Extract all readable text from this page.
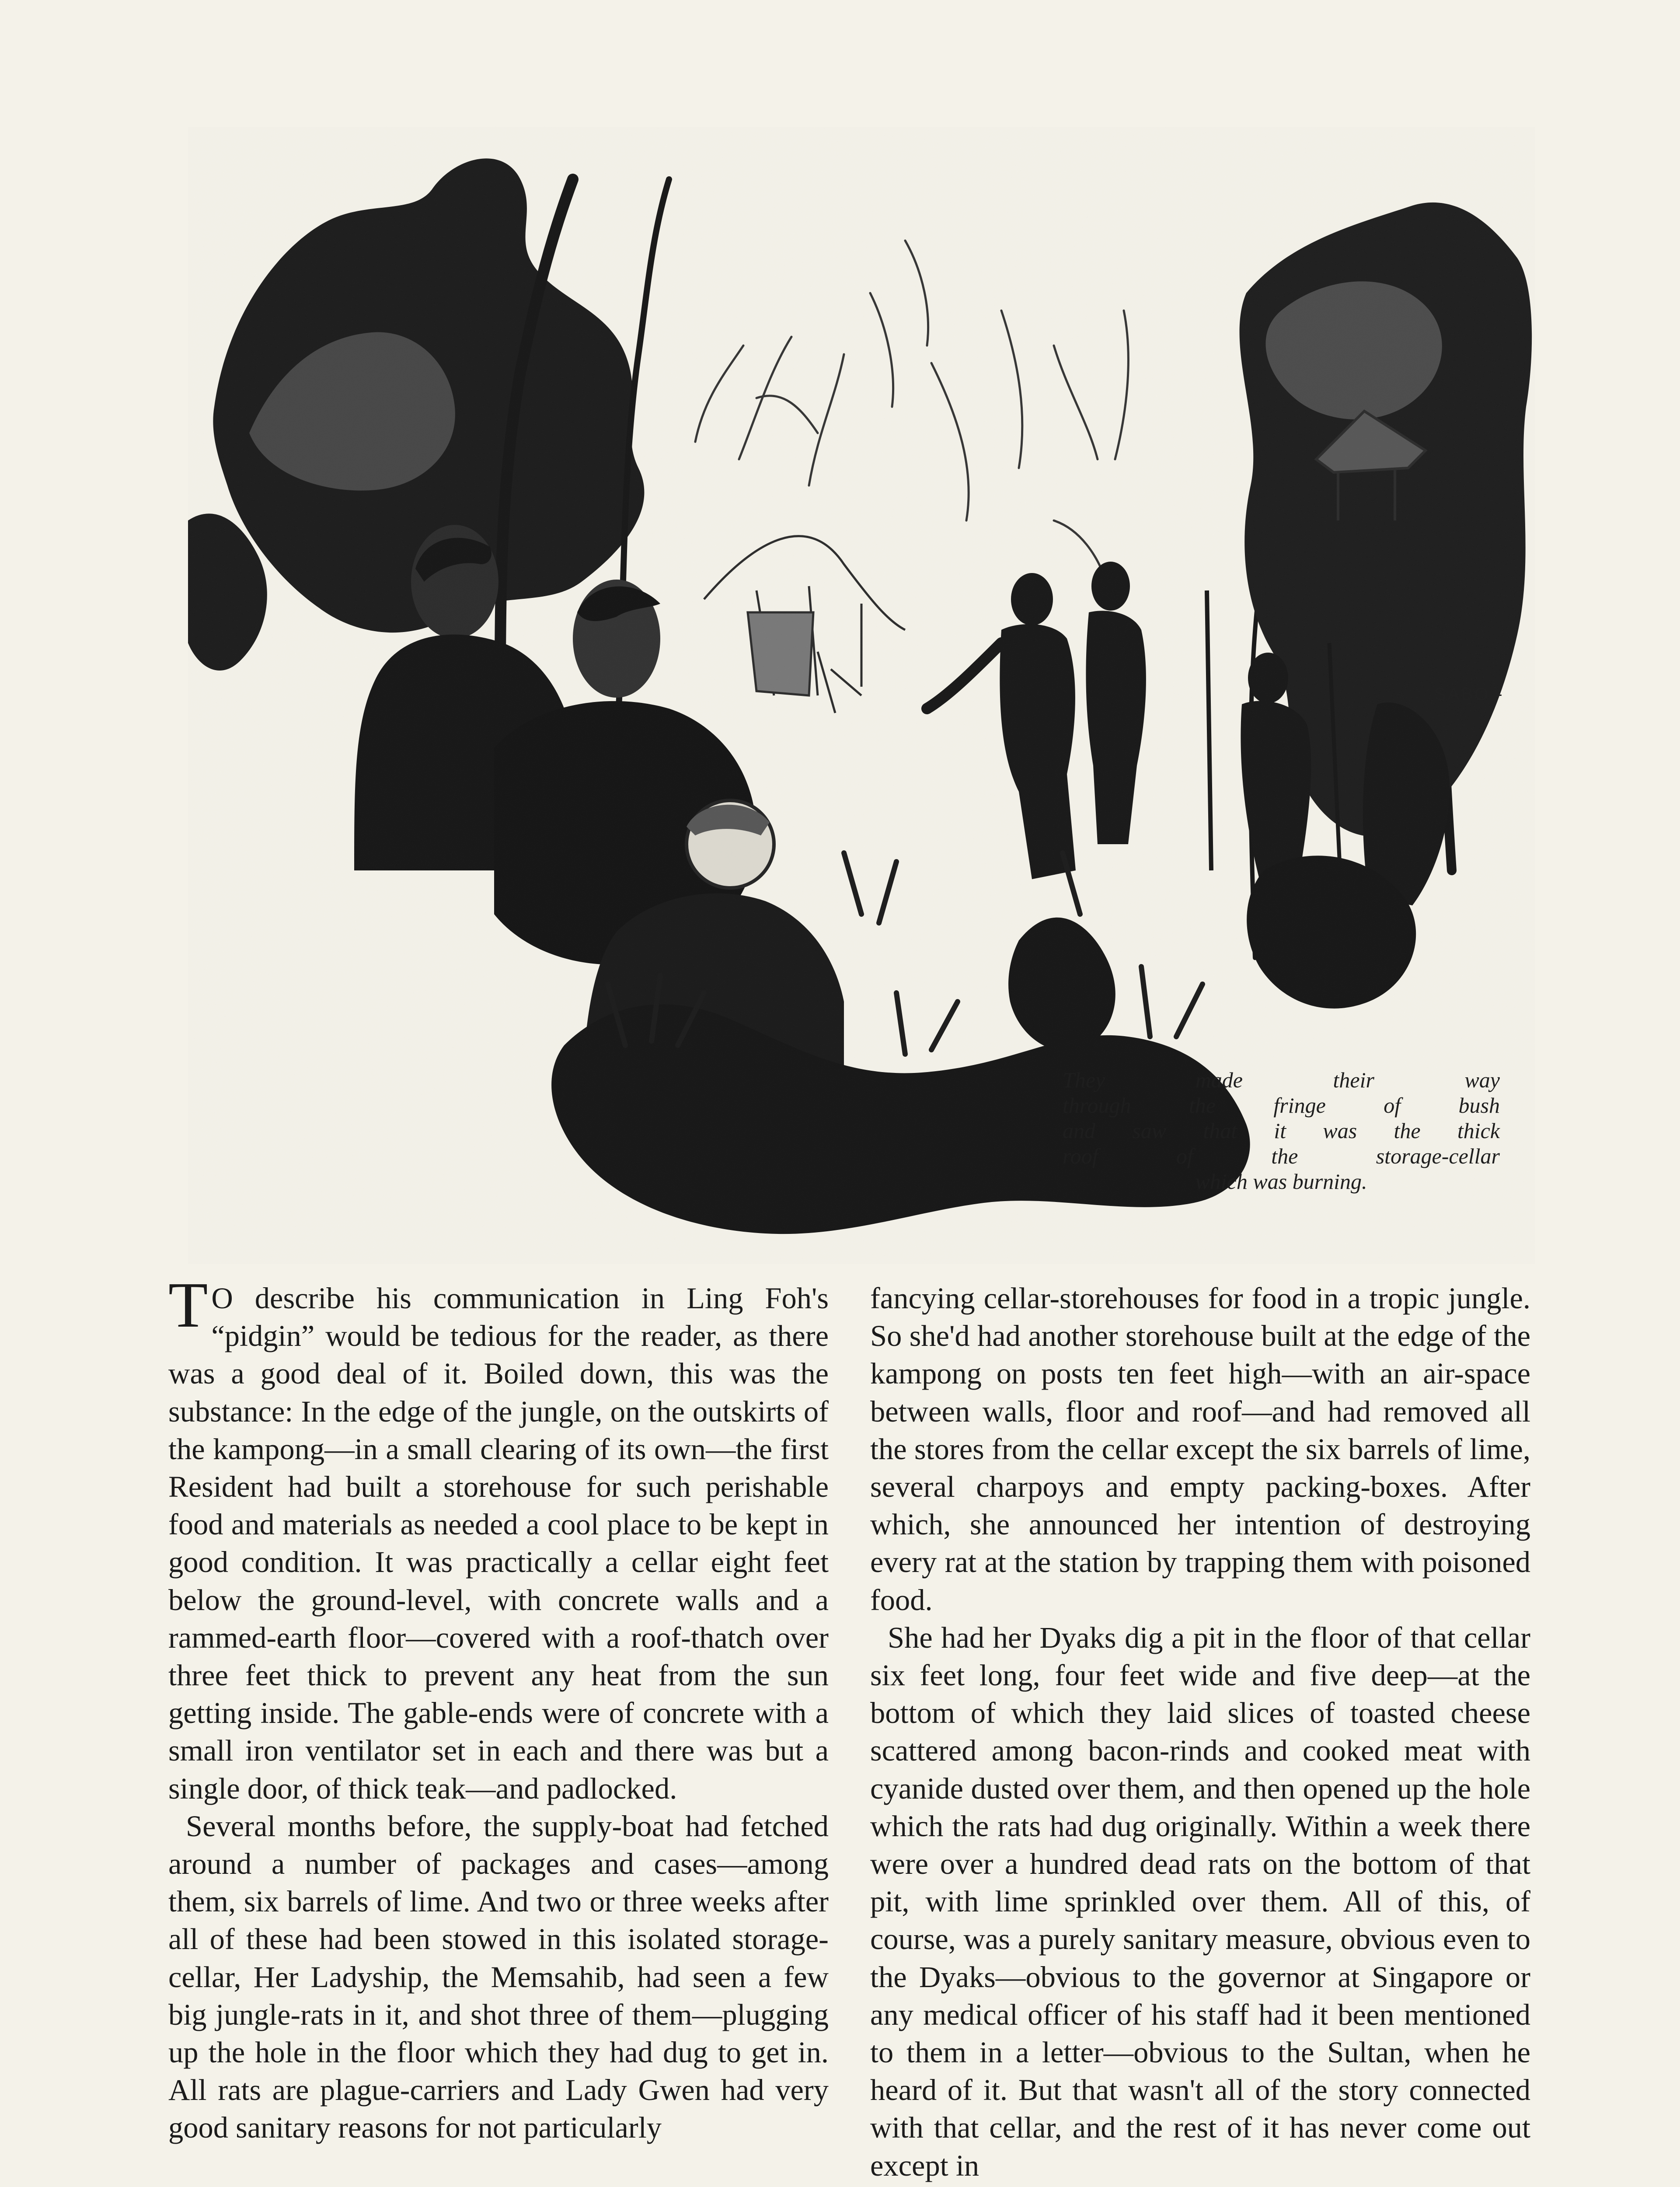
SABO -
They made their way
through the fringe of bush
and saw that it was the thick
roof of the storage-cellar
which was burning.

T O describe his communication in Ling Foh's “pidgin” would be tedious for the reader, as there was a good deal of it. Boiled down, this was the substance: In the edge of the jungle, on the outskirts of the kampong—in a small clearing of its own—the first Resident had built a storehouse for such perishable food and materials as needed a cool place to be kept in good condition. It was practically a cellar eight feet below the ground-level, with concrete walls and a rammed-earth floor—covered with a roof-thatch over three feet thick to prevent any heat from the sun getting inside. The gable-ends were of concrete with a small iron ventilator set in each and there was but a single door, of thick teak—and padlocked.

Several months before, the supply-boat had fetched around a number of packages and cases—among them, six barrels of lime. And two or three weeks after all of these had been stowed in this isolated storage-cellar, Her Ladyship, the Memsahib, had seen a few big jungle-rats in it, and shot three of them—plugging up the hole in the floor which they had dug to get in. All rats are plague-carriers and Lady Gwen had very good sanitary reasons for not particularly

fancying cellar-storehouses for food in a tropic jungle. So she'd had another storehouse built at the edge of the kampong on posts ten feet high—with an air-space between walls, floor and roof—and had removed all the stores from the cellar except the six barrels of lime, several charpoys and empty packing-boxes. After which, she announced her intention of destroying every rat at the station by trapping them with poisoned food.

She had her Dyaks dig a pit in the floor of that cellar six feet long, four feet wide and five deep—at the bottom of which they laid slices of toasted cheese scattered among bacon-rinds and cooked meat with cyanide dusted over them, and then opened up the hole which the rats had dug originally. Within a week there were over a hundred dead rats on the bottom of that pit, with lime sprinkled over them. All of this, of course, was a purely sanitary measure, obvious even to the Dyaks—obvious to the governor at Singapore or any medical officer of his staff had it been mentioned to them in a letter—obvious to the Sultan, when he heard of it. But that wasn't all of the story connected with that cellar, and the rest of it has never come out except in
